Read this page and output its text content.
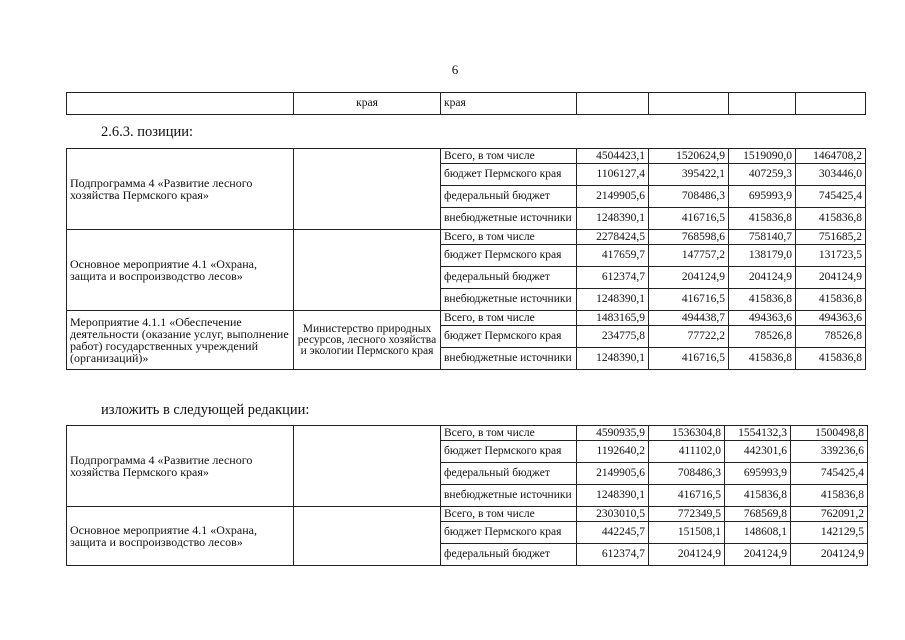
6
	края	края				
2.6.3. позиции:
Подпрограмма 4 «Развитие лесного хозяйства Пермского края»		Всего, в том числе	4504423,1	1520624,9	1519090,0	1464708,2
		бюджет Пермского края	1106127,4	395422,1	407259,3	303446,0
		федеральный бюджет	2149905,6	708486,3	695993,9	745425,4
		внебюджетные источники	1248390,1	416716,5	415836,8	415836,8
Основное мероприятие 4.1 «Охрана, защита и воспроизводство лесов»		Всего, в том числе	2278424,5	768598,6	758140,7	751685,2
		бюджет Пермского края	417659,7	147757,2	138179,0	131723,5
		федеральный бюджет	612374,7	204124,9	204124,9	204124,9
		внебюджетные источники	1248390,1	416716,5	415836,8	415836,8
Мероприятие 4.1.1 «Обеспечение деятельности (оказание услуг, выполнение работ) государственных учреждений (организаций)»	Министерство природных ресурсов, лесного хозяйства и экологии Пермского края	Всего, в том числе	1483165,9	494438,7	494363,6	494363,6
		бюджет Пермского края	234775,8	77722,2	78526,8	78526,8
		внебюджетные источники	1248390,1	416716,5	415836,8	415836,8
изложить в следующей редакции:
Подпрограмма 4 «Развитие лесного хозяйства Пермского края»		Всего, в том числе	4590935,9	1536304,8	1554132,3	1500498,8
		бюджет Пермского края	1192640,2	411102,0	442301,6	339236,6
		федеральный бюджет	2149905,6	708486,3	695993,9	745425,4
		внебюджетные источники	1248390,1	416716,5	415836,8	415836,8
Основное мероприятие 4.1 «Охрана, защита и воспроизводство лесов»		Всего, в том числе	2303010,5	772349,5	768569,8	762091,2
		бюджет Пермского края	442245,7	151508,1	148608,1	142129,5
		федеральный бюджет	612374,7	204124,9	204124,9	204124,9
